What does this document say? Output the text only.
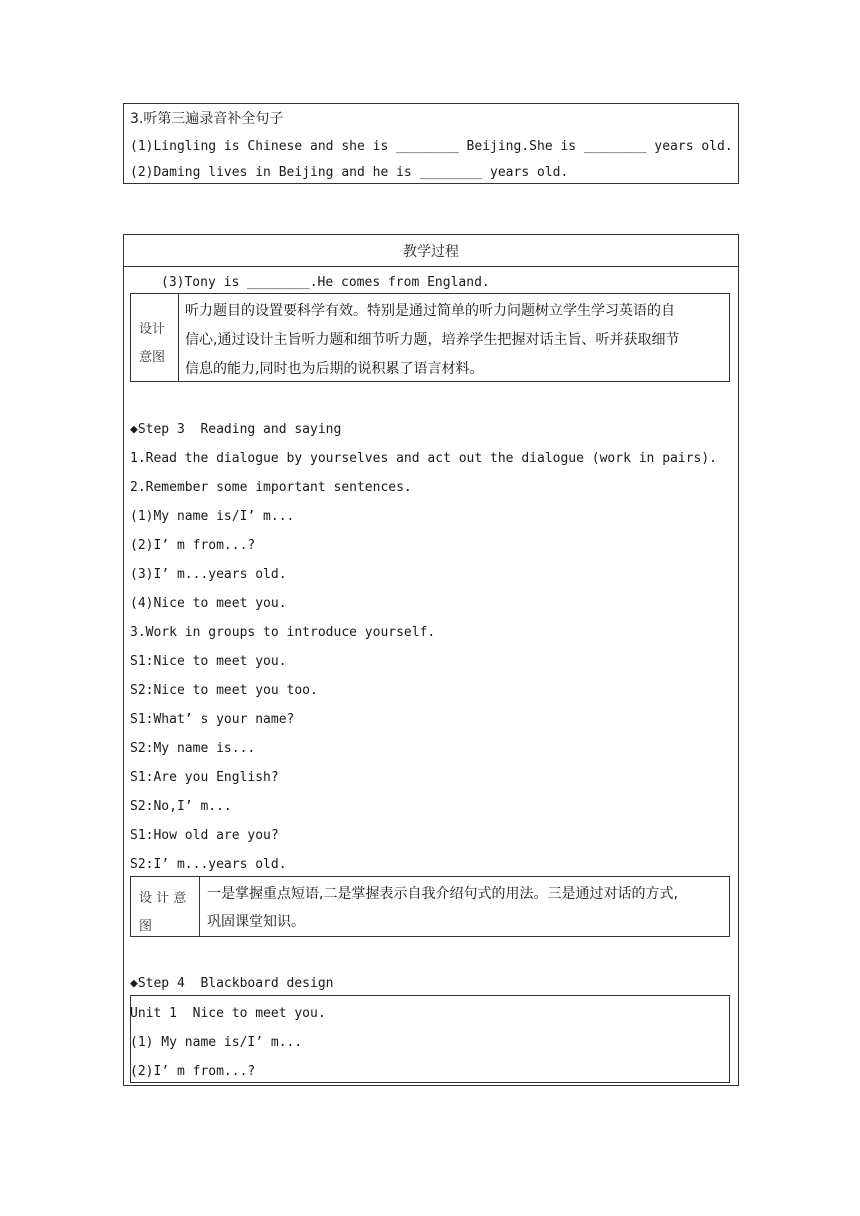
3.听第三遍录音补全句子
(1)Lingling is Chinese and she is ________ Beijing.She is ________ years old.
(2)Daming lives in Beijing and he is ________ years old.
教学过程
(3)Tony is ________.He comes from England.
设计
意图
听力题目的设置要科学有效。特别是通过简单的听力问题树立学生学习英语的自
信心,通过设计主旨听力题和细节听力题，培养学生把握对话主旨、听并获取细节
信息的能力,同时也为后期的说积累了语言材料。
◆Step 3  Reading and saying
1.Read the dialogue by yourselves and act out the dialogue (work in pairs).
2.Remember some important sentences.
(1)My name is/I’ m...
(2)I’ m from...?
(3)I’ m...years old.
(4)Nice to meet you.
3.Work in groups to introduce yourself.
S1:Nice to meet you.
S2:Nice to meet you too.
S1:What’ s your name?
S2:My name is...
S1:Are you English?
S2:No,I’ m...
S1:How old are you?
S2:I’ m...years old.
设 计 意
图
一是掌握重点短语,二是掌握表示自我介绍句式的用法。三是通过对话的方式,
巩固课堂知识。
◆Step 4  Blackboard design
Unit 1  Nice to meet you.
(1) My name is/I’ m...
(2)I’ m from...?
